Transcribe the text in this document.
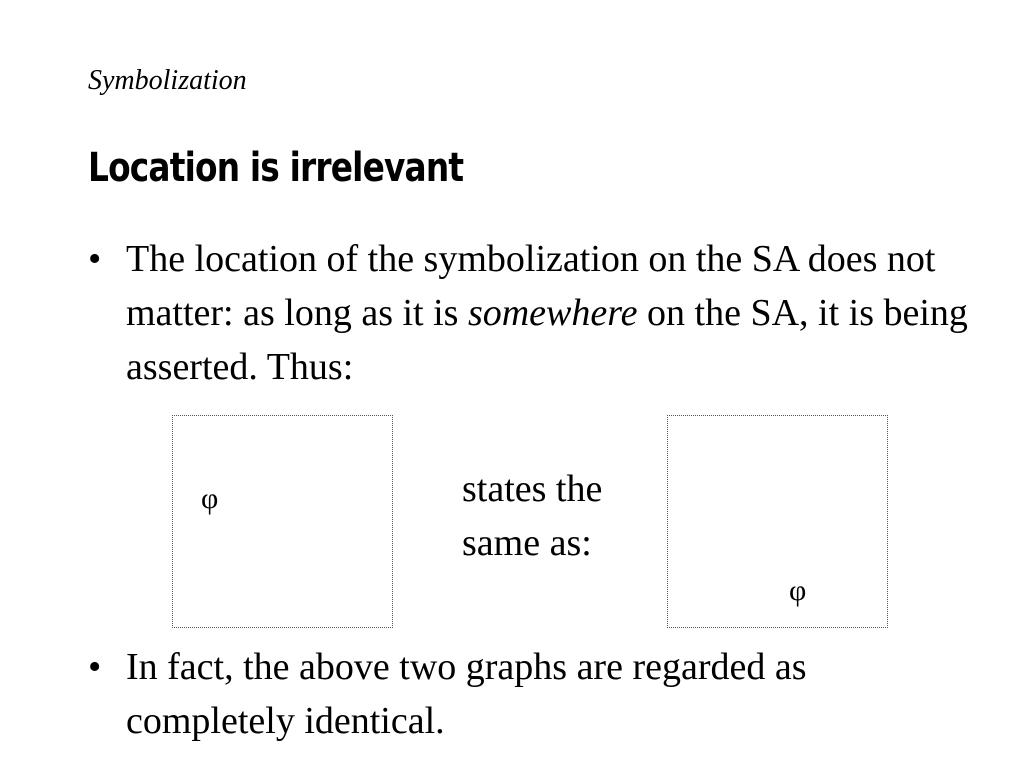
Symbolization
Location is irrelevant
• The location of the symbolization on the SA does not matter: as long as it is somewhere on the SA, it is being asserted. Thus:
φ	states the
same as:
φ
• In fact, the above two graphs are regarded as completely identical.
